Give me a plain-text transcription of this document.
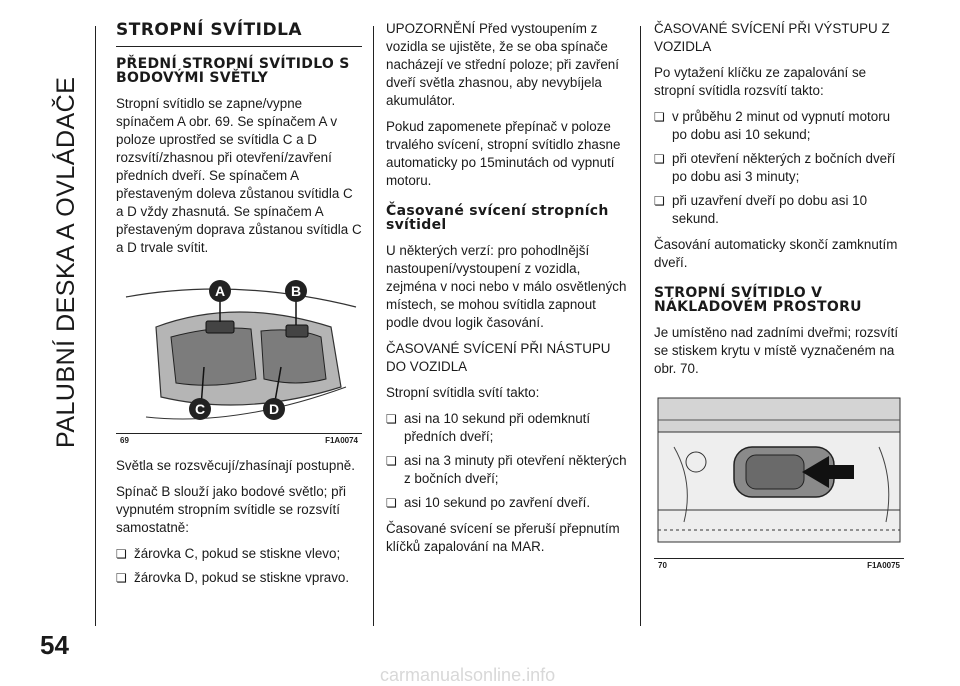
PALUBNÍ DESKA A OVLÁDAČE
54
carmanualsonline.info
STROPNÍ SVÍTIDLA
PŘEDNÍ STROPNÍ SVÍTIDLO S BODOVÝMI SVĚTLY

Stropní svítidlo se zapne/vypne spínačem A obr. 69. Se spínačem A v poloze uprostřed se svítidla C a D rozsvítí/zhasnou při otevření/zavření předních dveří. Se spínačem A přestaveným doleva zůstanou svítidla C a D vždy zhasnutá. Se spínačem A přestaveným doprava zůstanou svítidla C a D trvale svítit.

A	B
C	D
69	F1A0074

Světla se rozsvěcují/zhasínají postupně.

Spínač B slouží jako bodové světlo; při vypnutém stropním svítidle se rozsvítí samostatně:

❏ žárovka C, pokud se stiskne vlevo;
❏ žárovka D, pokud se stiskne vpravo.

UPOZORNĚNÍ Před vystoupením z vozidla se ujistěte, že se oba spínače nacházejí ve střední poloze; při zavření dveří světla zhasnou, aby nevybíjela akumulátor.

Pokud zapomenete přepínač v poloze trvalého svícení, stropní svítidlo zhasne automaticky po 15minutách od vypnutí motoru.

Časované svícení stropních svítidel

U některých verzí: pro pohodlnější nastoupení/vystoupení z vozidla, zejména v noci nebo v málo osvětlených místech, se mohou svítidla zapnout podle dvou logik časování.

ČASOVANÉ SVÍCENÍ PŘI NÁSTUPU DO VOZIDLA

Stropní svítidla svítí takto:

❏ asi na 10 sekund při odemknutí předních dveří;
❏ asi na 3 minuty při otevření některých z bočních dveří;
❏ asi 10 sekund po zavření dveří.

Časované svícení se přeruší přepnutím klíčků zapalování na MAR.

ČASOVANÉ SVÍCENÍ PŘI VÝSTUPU Z VOZIDLA

Po vytažení klíčku ze zapalování se stropní svítidla rozsvítí takto:

❏ v průběhu 2 minut od vypnutí motoru po dobu asi 10 sekund;
❏ při otevření některých z bočních dveří po dobu asi 3 minuty;
❏ při uzavření dveří po dobu asi 10 sekund.

Časování automaticky skončí zamknutím dveří.

STROPNÍ SVÍTIDLO V NÁKLADOVÉM PROSTORU

Je umístěno nad zadními dveřmi; rozsvítí se stiskem krytu v místě vyznačeném na obr. 70.

70	F1A0075
